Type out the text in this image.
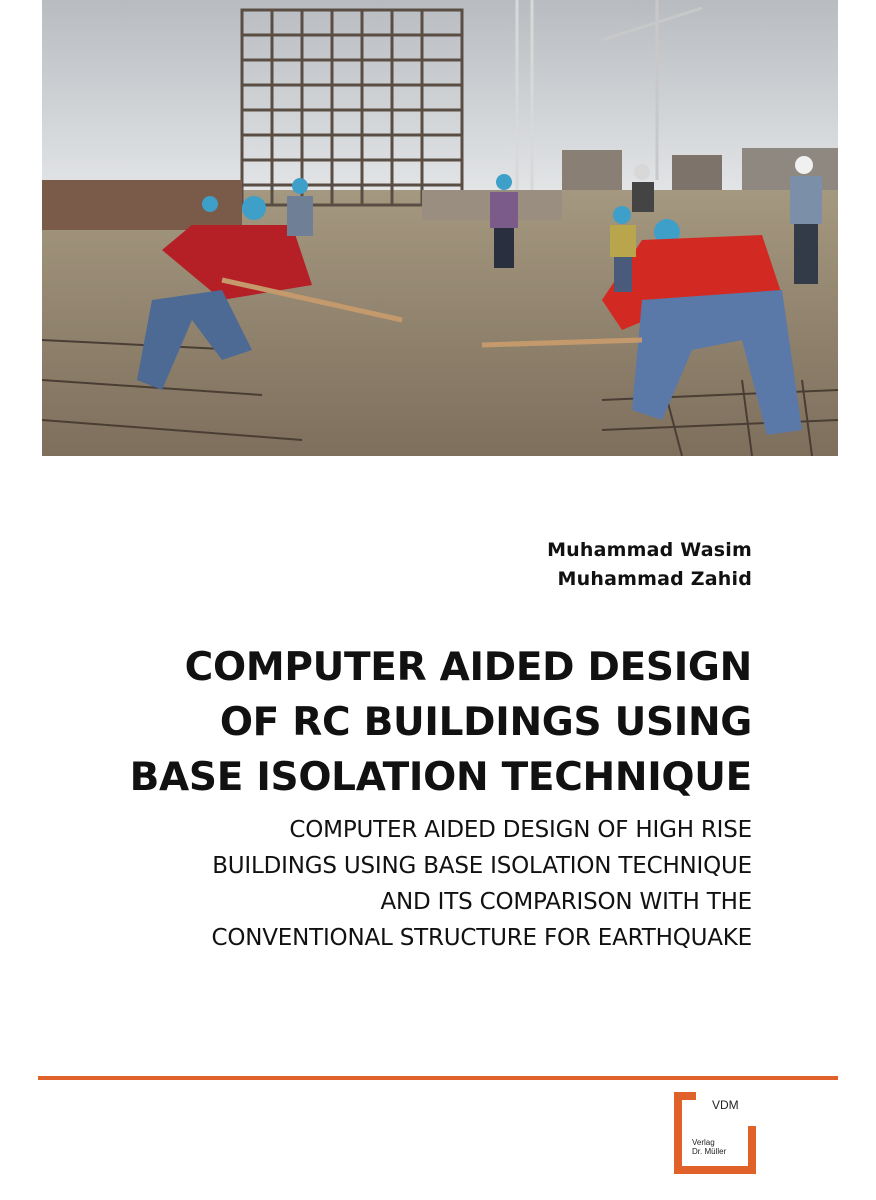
Muhammad Wasim
Muhammad Zahid
COMPUTER AIDED DESIGN
OF RC BUILDINGS USING
BASE ISOLATION TECHNIQUE
COMPUTER AIDED DESIGN OF HIGH RISE
BUILDINGS USING BASE ISOLATION TECHNIQUE
AND ITS COMPARISON WITH THE
CONVENTIONAL STRUCTURE FOR EARTHQUAKE
VDM
Verlag
Dr. Müller
